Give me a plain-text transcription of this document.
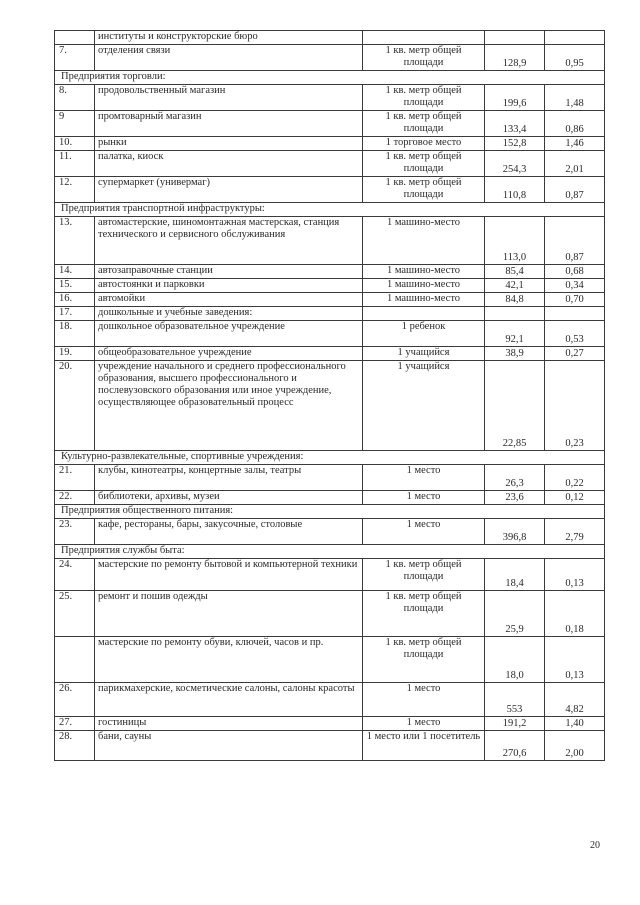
	институты и конструкторские бюро			
7.	отделения связи	1 кв. метр общей площади	128,9	0,95
Предприятия торговли:				
8.	продовольственный магазин	1 кв. метр общей площади	199,6	1,48
9	промтоварный магазин	1 кв. метр общей площади	133,4	0,86
10.	рынки	1 торговое место	152,8	1,46
11.	палатка, киоск	1 кв. метр общей площади	254,3	2,01
12.	супермаркет (универмаг)	1 кв. метр общей площади	110,8	0,87
Предприятия транспортной инфраструктуры:				
13.	автомастерские, шиномонтажная мастерская, станция технического и сервисного обслуживания	1 машино-место	113,0	0,87
14.	автозаправочные станции	1 машино-место	85,4	0,68
15.	автостоянки и парковки	1 машино-место	42,1	0,34
16.	автомойки	1 машино-место	84,8	0,70
17.	дошкольные и учебные заведения:			
18.	дошкольное образовательное учреждение	1 ребенок	92,1	0,53
19.	общеобразовательное учреждение	1 учащийся	38,9	0,27
20.	учреждение начального и среднего профессионального образования, высшего профессионального и послевузовского образования или иное учреждение, осуществляющее образовательный процесс	1 учащийся	22,85	0,23
Культурно-развлекательные, спортивные учреждения:				
21.	клубы, кинотеатры, концертные залы, театры	1 место	26,3	0,22
22.	библиотеки, архивы, музеи	1 место	23,6	0,12
Предприятия общественного питания:				
23.	кафе, рестораны, бары, закусочные, столовые	1 место	396,8	2,79
Предприятия службы быта:				
24.	мастерские по ремонту бытовой и компьютерной техники	1 кв. метр общей площади	18,4	0,13
25.	ремонт и пошив одежды	1 кв. метр общей площади	25,9	0,18
	мастерские по ремонту обуви, ключей, часов и пр.	1 кв. метр общей площади	18,0	0,13
26.	парикмахерские, косметические салоны, салоны красоты	1 место	553	4,82
27.	гостиницы	1 место	191,2	1,40
28.	бани, сауны	1 место или 1 посетитель	270,6	2,00
20
